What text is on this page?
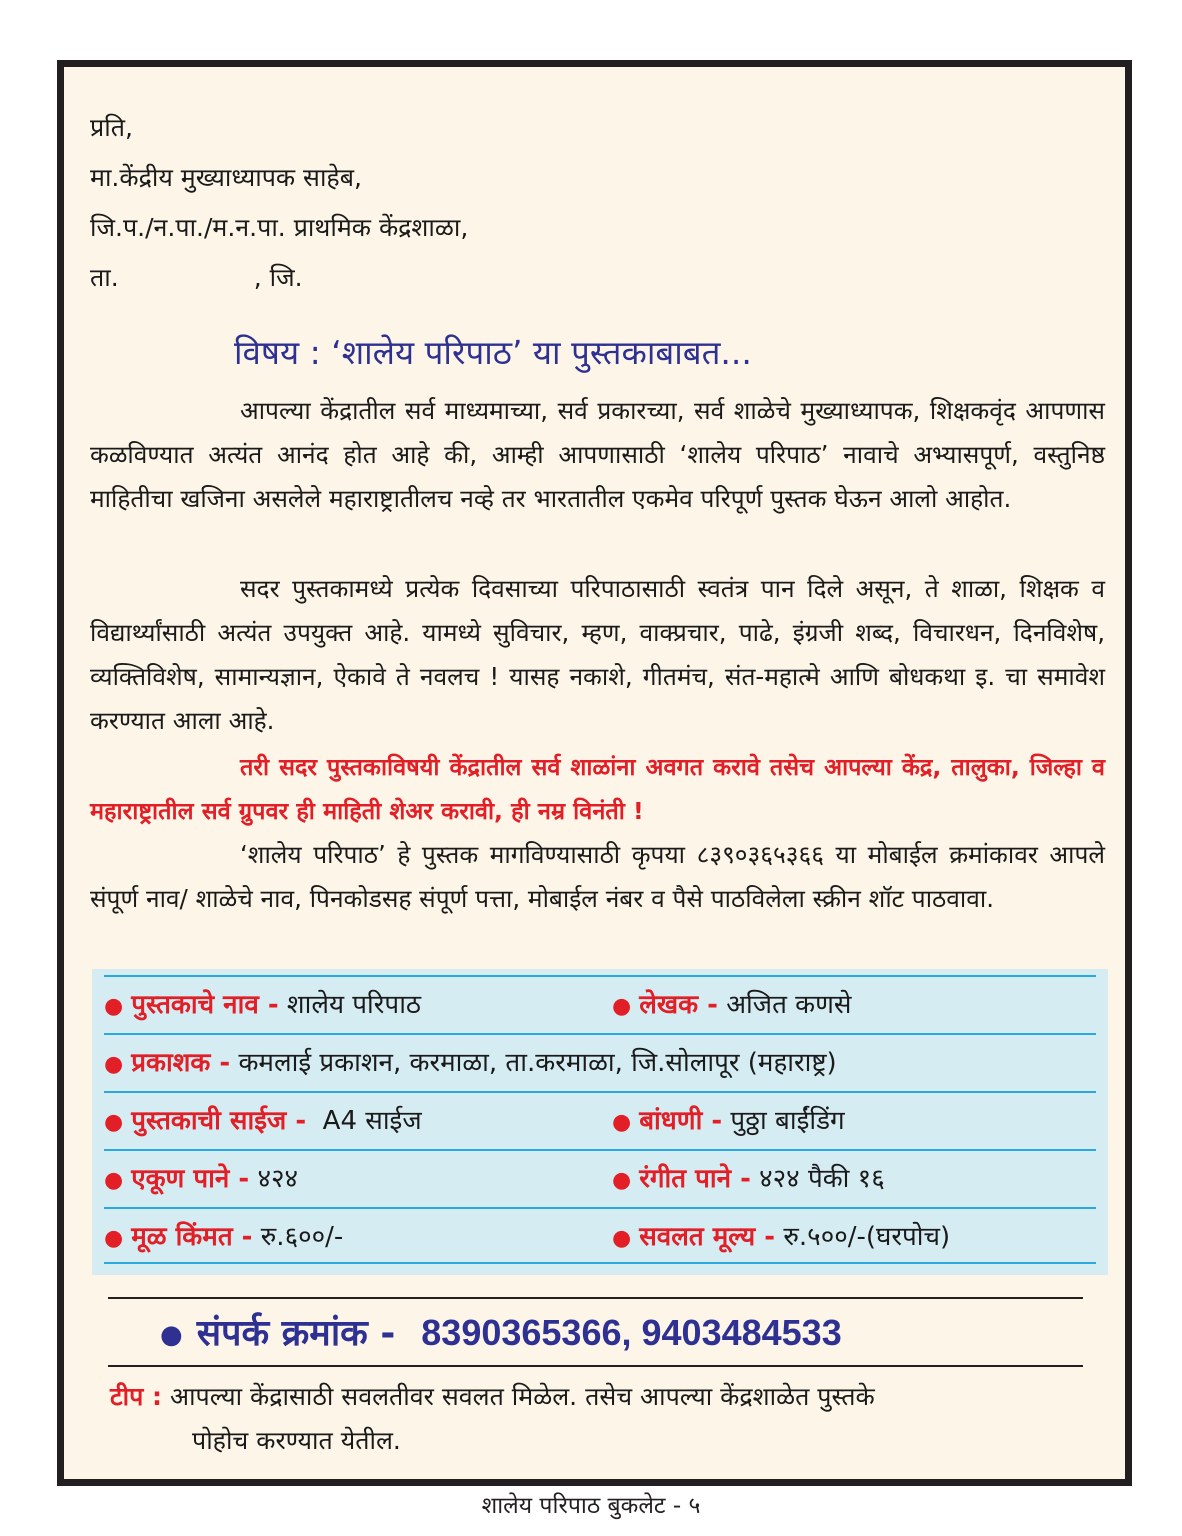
प्रति,
मा.केंद्रीय मुख्याध्यापक साहेब,
जि.प./न.पा./म.न.पा. प्राथमिक केंद्रशाळा,
ता.                 , जि.
विषय : ‘शालेय परिपाठ’ या पुस्तकाबाबत...
आपल्या केंद्रातील सर्व माध्यमाच्या, सर्व प्रकारच्या, सर्व शाळेचे मुख्याध्यापक, शिक्षकवृंद आपणास कळविण्यात अत्यंत आनंद होत आहे की, आम्ही आपणासाठी ‘शालेय परिपाठ’ नावाचे अभ्यासपूर्ण, वस्तुनिष्ठ माहितीचा खजिना असलेले महाराष्ट्रातीलच नव्हे तर भारतातील एकमेव परिपूर्ण पुस्तक घेऊन आलो आहोत.
सदर पुस्तकामध्ये प्रत्येक दिवसाच्या परिपाठासाठी स्वतंत्र पान दिले असून, ते शाळा, शिक्षक व विद्यार्थ्यांसाठी अत्यंत उपयुक्त आहे. यामध्ये सुविचार, म्हण, वाक्प्रचार, पाढे, इंग्रजी शब्द, विचारधन, दिनविशेष, व्यक्तिविशेष, सामान्यज्ञान, ऐकावे ते नवलच ! यासह नकाशे, गीतमंच, संत-महात्मे आणि बोधकथा इ. चा समावेश करण्यात आला आहे.
तरी सदर पुस्तकाविषयी केंद्रातील सर्व शाळांना अवगत करावे तसेच आपल्या केंद्र, तालुका, जिल्हा व महाराष्ट्रातील सर्व ग्रुपवर ही माहिती शेअर करावी, ही नम्र विनंती !
‘शालेय परिपाठ’ हे पुस्तक मागविण्यासाठी कृपया ८३९०३६५३६६ या मोबाईल क्रमांकावर आपले संपूर्ण नाव/ शाळेचे नाव, पिनकोडसह संपूर्ण पत्ता, मोबाईल नंबर व पैसे पाठविलेला स्क्रीन शॉट पाठवावा.
● पुस्तकाचे नाव - शालेय परिपाठ	● लेखक - अजित कणसे
● प्रकाशक - कमलाई प्रकाशन, करमाळा, ता.करमाळा, जि.सोलापूर (महाराष्ट्र)
● पुस्तकाची साईज - A4 साईज	● बांधणी - पुठ्ठा बाईंडिंग
● एकूण पाने - ४२४	● रंगीत पाने - ४२४ पैकी १६
● मूळ किंमत - रु.६००/-	● सवलत मूल्य - रु.५००/-(घरपोच)
● संपर्क क्रमांक - 8390365366, 9403484533
टीप : आपल्या केंद्रासाठी सवलतीवर सवलत मिळेल. तसेच आपल्या केंद्रशाळेत पुस्तके
पोहोच करण्यात येतील.
शालेय परिपाठ बुकलेट - ५
